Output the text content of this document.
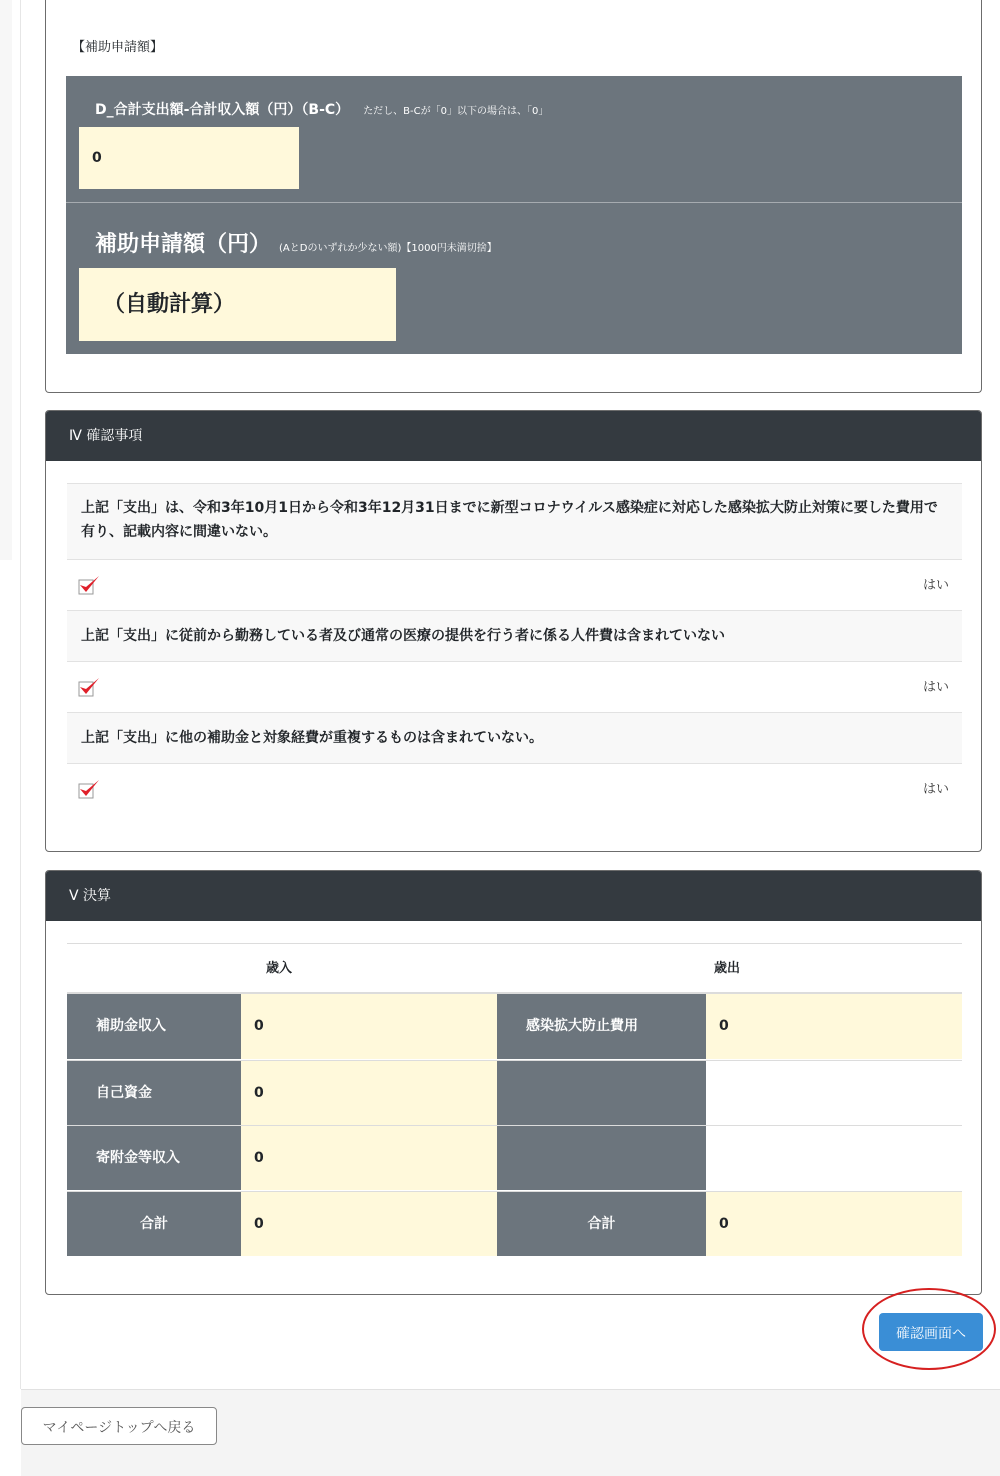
【補助申請額】
D_合計支出額-合計収入額（円）（B-C） ただし、B-Cが「0」以下の場合は、「0」
0
補助申請額（円） (AとDのいずれか少ない額)【1000円未満切捨】
（自動計算）
Ⅳ 確認事項
上記「支出」は、令和3年10月1日から令和3年12月31日までに新型コロナウイルス感染症に対応した感染拡大防止対策に要した費用で有り、記載内容に間違いない。
はい
上記「支出」に従前から勤務している者及び通常の医療の提供を行う者に係る人件費は含まれていない
はい
上記「支出」に他の補助金と対象経費が重複するものは含まれていない。
はい
Ⅴ 決算
歳入	歳出
補助金収入	0	感染拡大防止費用	0
自己資金	0
寄附金等収入	0
合計	0	合計	0
確認画面へ
マイページトップへ戻る
